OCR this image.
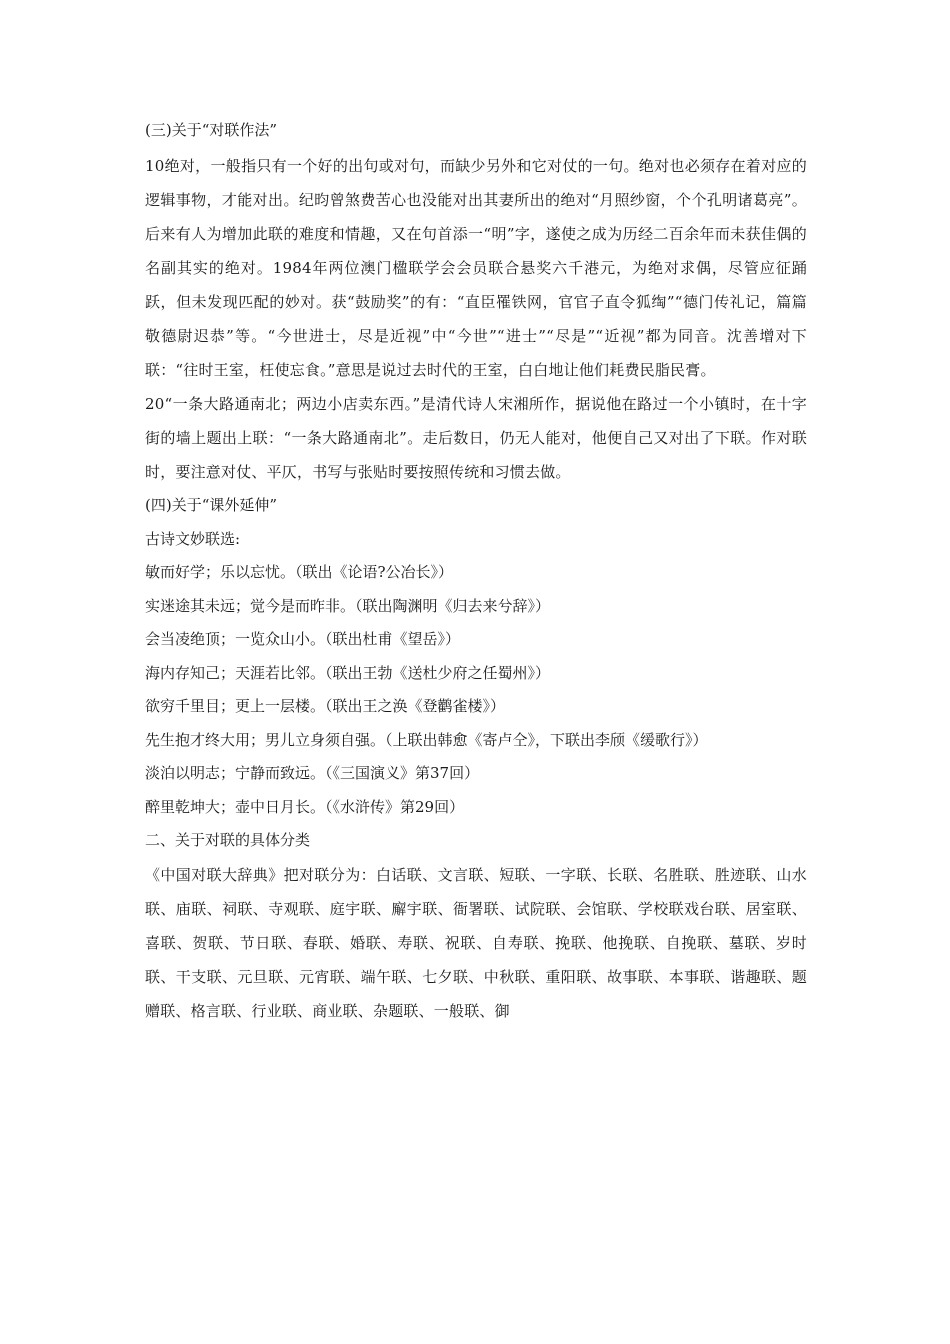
(三)关于“对联作法”

10绝对，一般指只有一个好的出句或对句，而缺少另外和它对仗的一句。绝对也必须存在着对应的逻辑事物，才能对出。纪昀曾煞费苦心也没能对出其妻所出的绝对“月照纱窗，个个孔明诸葛亮”。后来有人为增加此联的难度和情趣，又在句首添一“明”字，遂使之成为历经二百余年而未获佳偶的名副其实的绝对。1984年两位澳门楹联学会会员联合悬奖六千港元，为绝对求偶，尽管应征踊跃，但未发现匹配的妙对。获“鼓励奖”的有：“直臣罹铁网，官官子直令狐绹”“德门传礼记，篇篇敬德尉迟恭”等。“今世进士，尽是近视”中“今世”“进士”“尽是”“近视”都为同音。沈善增对下联：“往时王室，枉使忘食。”意思是说过去时代的王室，白白地让他们耗费民脂民膏。

20“一条大路通南北；两边小店卖东西。”是清代诗人宋湘所作，据说他在路过一个小镇时，在十字街的墙上题出上联：“一条大路通南北”。走后数日，仍无人能对，他便自己又对出了下联。作对联时，要注意对仗、平仄，书写与张贴时要按照传统和习惯去做。

(四)关于“课外延伸”

古诗文妙联选:

敏而好学；乐以忘忧。（联出《论语?公冶长》）

实迷途其未远；觉今是而昨非。（联出陶渊明《归去来兮辞》）

会当凌绝顶；一览众山小。（联出杜甫《望岳》）

海内存知己；天涯若比邻。（联出王勃《送杜少府之任蜀州》）

欲穷千里目；更上一层楼。（联出王之涣《登鹳雀楼》）

先生抱才终大用；男儿立身须自强。（上联出韩愈《寄卢仝》，下联出李颀《缓歌行》）

淡泊以明志；宁静而致远。（《三国演义》第37回）

醉里乾坤大；壶中日月长。（《水浒传》第29回）

二、关于对联的具体分类

《中国对联大辞典》把对联分为：白话联、文言联、短联、一字联、长联、名胜联、胜迹联、山水联、庙联、祠联、寺观联、庭宇联、廨宇联、衙署联、试院联、会馆联、学校联戏台联、居室联、喜联、贺联、节日联、春联、婚联、寿联、祝联、自寿联、挽联、他挽联、自挽联、墓联、岁时联、干支联、元旦联、元宵联、端午联、七夕联、中秋联、重阳联、故事联、本事联、谐趣联、题赠联、格言联、行业联、商业联、杂题联、一般联、御
